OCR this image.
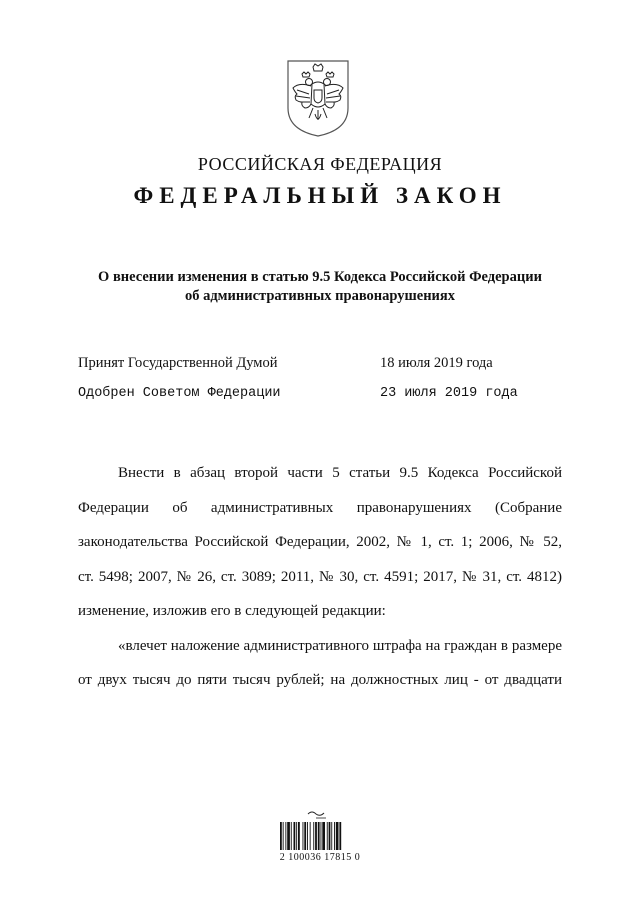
РОССИЙСКАЯ ФЕДЕРАЦИЯ
ФЕДЕРАЛЬНЫЙ ЗАКОН
О внесении изменения в статью 9.5 Кодекса Российской Федерации
об административных правонарушениях
Принят Государственной Думой	18 июля 2019 года
Одобрен Советом Федерации	23 июля 2019 года
Внести в абзац второй части 5 статьи 9.5 Кодекса Российской
Федерации об административных правонарушениях (Собрание
законодательства Российской Федерации, 2002, № 1, ст. 1; 2006, № 52,
ст. 5498; 2007, № 26, ст. 3089; 2011, № 30, ст. 4591; 2017, № 31, ст. 4812)
изменение, изложив его в следующей редакции:
«влечет наложение административного штрафа на граждан в размере
от двух тысяч до пяти тысяч рублей; на должностных лиц - от двадцати
2 100036 17815 0
